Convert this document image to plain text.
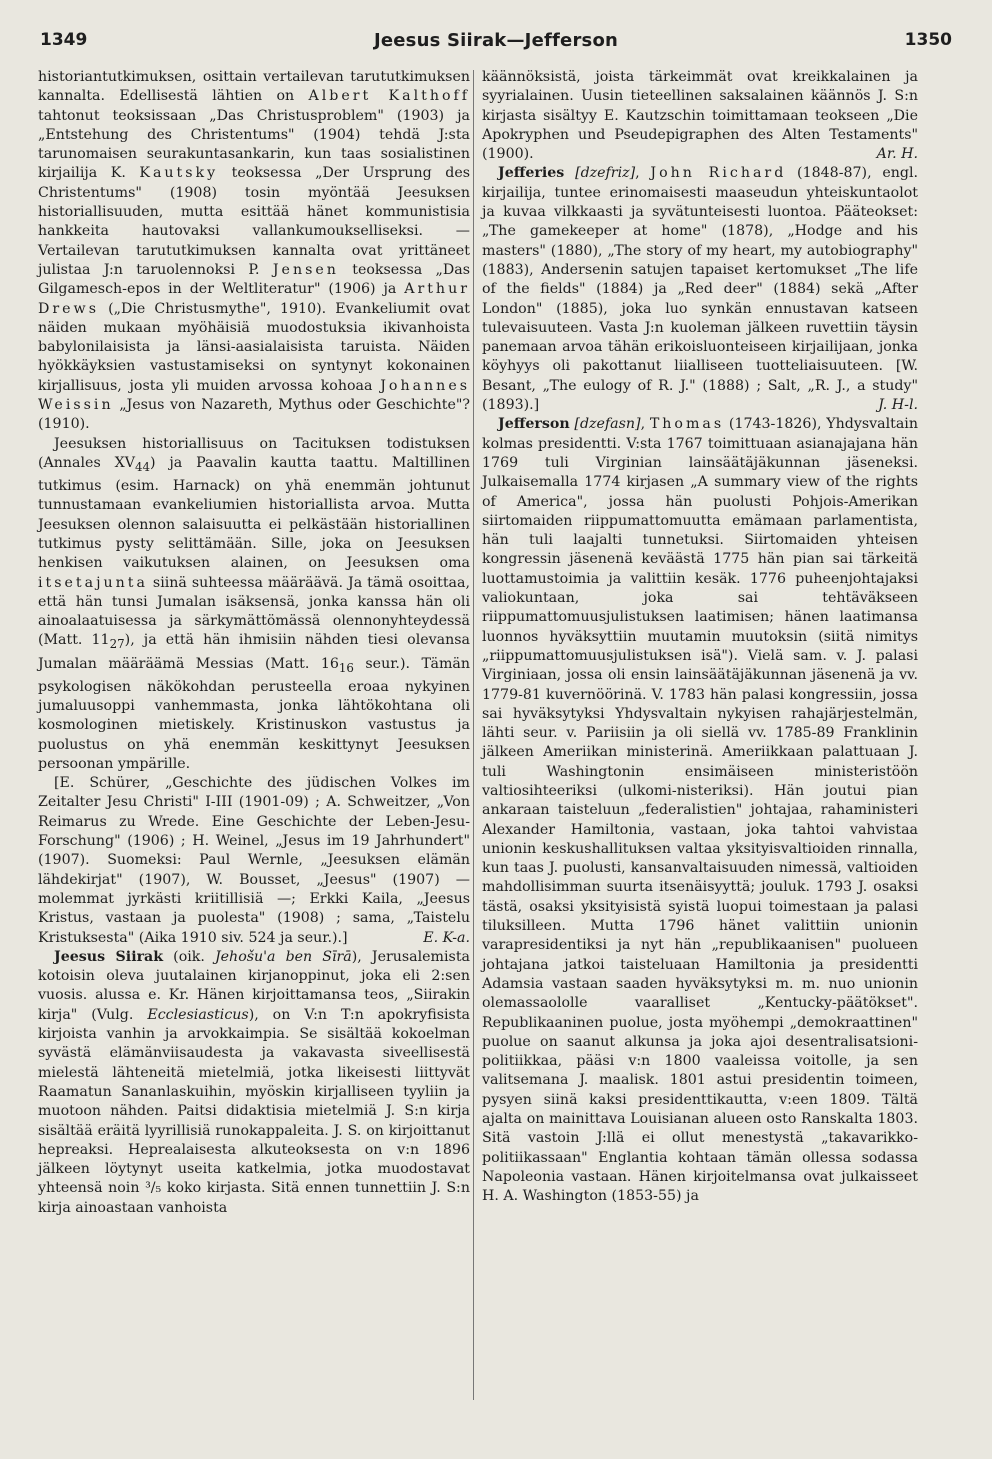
1349	Jeesus Siirak—Jefferson	1350

historiantutkimuksen, osittain vertailevan tarututkimuksen kannalta. Edellisestä lähtien on Albert Kalthoff tahtonut teoksissaan „Das Christusproblem" (1903) ja „Entstehung des Christentums" (1904) tehdä J:sta tarunomaisen seurakuntasankarin, kun taas sosialistinen kirjailija K. Kautsky teoksessa „Der Ursprung des Christentums" (1908) tosin myöntää Jeesuksen historiallisuuden, mutta esittää hänet kommunistisia hankkeita hautovaksi vallankumoukselliseksi. — Vertailevan tarututkimuksen kannalta ovat yrittäneet julistaa J:n taruolennoksi P. Jensen teoksessa „Das Gilgamesch-epos in der Weltliteratur" (1906) ja Arthur Drews („Die Christusmythe", 1910). Evankeliumit ovat näiden mukaan myöhäisiä muodostuksia ikivanhoista babylonilaisista ja länsi-aasialaisista taruista. Näiden hyökkäyksien vastustamiseksi on syntynyt kokonainen kirjallisuus, josta yli muiden arvossa kohoaa Johannes Weissin „Jesus von Nazareth, Mythus oder Geschichte"? (1910).

Jeesuksen historiallisuus on Tacituksen todistuksen (Annales $XV_{44}$) ja Paavalin kautta taattu. Maltillinen tutkimus (esim. Harnack) on yhä enemmän johtunut tunnustamaan evankeliumien historiallista arvoa. Mutta Jeesuksen olennon salaisuutta ei pelkästään historiallinen tutkimus pysty selittämään. Sille, joka on Jeesuksen henkisen vaikutuksen alainen, on Jeesuksen oma itsetajunta siinä suhteessa määräävä. Ja tämä osoittaa, että hän tunsi Jumalan isäksensä, jonka kanssa hän oli ainoalaatuisessa ja särkymättömässä olennonyhteydessä (Matt. $11_{27}$), ja että hän ihmisiin nähden tiesi olevansa Jumalan määräämä Messias (Matt. $16_{16}$ seur.). Tämän psykologisen näkökohdan perusteella eroaa nykyinen jumaluusoppi vanhemmasta, jonka lähtökohtana oli kosmologinen mietiskely. Kristinuskon vastustus ja puolustus on yhä enemmän keskittynyt Jeesuksen persoonan ympärille.

[E. Schürer, „Geschichte des jüdischen Volkes im Zeitalter Jesu Christi" I-III (1901-09) ; A. Schweitzer, „Von Reimarus zu Wrede. Eine Geschichte der Leben-Jesu-Forschung" (1906) ; H. Weinel, „Jesus im 19 Jahrhundert" (1907). Suomeksi: Paul Wernle, „Jeesuksen elämän lähdekirjat" (1907), W. Bousset, „Jeesus" (1907) — molemmat jyrkästi kriitillisiä —; Erkki Kaila, „Jeesus Kristus, vastaan ja puolesta" (1908) ; sama, „Taistelu Kristuksesta" (Aika 1910 siv. 524 ja seur.).]	E. K-a.

Jeesus Siirak (oik. Jehošu'a ben Sīrā), Jerusalemista kotoisin oleva juutalainen kirjanoppinut, joka eli 2:sen vuosis. alussa e. Kr. Hänen kirjoittamansa teos, „Siirakin kirja" (Vulg. Ecclesiasticus), on V:n T:n apokryfisista kirjoista vanhin ja arvokkaimpia. Se sisältää kokoelman syvästä elämänviisaudesta ja vakavasta siveellisestä mielestä lähteneitä mietelmiä, jotka likeisesti liittyvät Raamatun Sananlaskuihin, myöskin kirjalliseen tyyliin ja muotoon nähden. Paitsi didaktisia mietelmiä J. S:n kirja sisältää eräitä lyyrillisiä runokappaleita. J. S. on kirjoittanut hepreaksi. Heprealaisesta alkuteoksesta on v:n 1896 jälkeen löytynyt useita katkelmia, jotka muodostavat yhteensä noin ³/₅ koko kirjasta. Sitä ennen tunnettiin J. S:n kirja ainoastaan vanhoista

käännöksistä, joista tärkeimmät ovat kreikkalainen ja syyrialainen. Uusin tieteellinen saksalainen käännös J. S:n kirjasta sisältyy E. Kautzschin toimittamaan teokseen „Die Apokryphen und Pseudepigraphen des Alten Testaments" (1900).	Ar. H.

Jefferies [dzefriz], John Richard (1848-87), engl. kirjailija, tuntee erinomaisesti maaseudun yhteiskuntaolot ja kuvaa vilkkaasti ja syvätunteisesti luontoa. Pääteokset: „The gamekeeper at home" (1878), „Hodge and his masters" (1880), „The story of my heart, my autobiography" (1883), Andersenin satujen tapaiset kertomukset „The life of the fields" (1884) ja „Red deer" (1884) sekä „After London" (1885), joka luo synkän ennustavan katseen tulevaisuuteen. Vasta J:n kuoleman jälkeen ruvettiin täysin panemaan arvoa tähän erikoisluonteiseen kirjailijaan, jonka köyhyys oli pakottanut liialliseen tuotteliaisuuteen. [W. Besant, „The eulogy of R. J." (1888) ; Salt, „R. J., a study" (1893).]	J. H-l.

Jefferson [dzefasn], Thomas (1743-1826), Yhdysvaltain kolmas presidentti. V:sta 1767 toimittuaan asianajajana hän 1769 tuli Virginian lainsäätäjäkunnan jäseneksi. Julkaisemalla 1774 kirjasen „A summary view of the rights of America", jossa hän puolusti Pohjois-Amerikan siirtomaiden riippumattomuutta emämaan parlamentista, hän tuli laajalti tunnetuksi. Siirtomaiden yhteisen kongressin jäsenenä keväästä 1775 hän pian sai tärkeitä luottamustoimia ja valittiin kesäk. 1776 puheenjohtajaksi valiokuntaan, joka sai tehtäväkseen riippumattomuusjulistuksen laatimisen; hänen laatimansa luonnos hyväksyttiin muutamin muutoksin (siitä nimitys „riippumattomuusjulistuksen isä"). Vielä sam. v. J. palasi Virginiaan, jossa oli ensin lainsäätäjäkunnan jäsenenä ja vv. 1779-81 kuvernöörinä. V. 1783 hän palasi kongressiin, jossa sai hyväksytyksi Yhdysvaltain nykyisen rahajärjestelmän, lähti seur. v. Pariisiin ja oli siellä vv. 1785-89 Franklinin jälkeen Ameriikan ministerinä. Ameriikkaan palattuaan J. tuli Washingtonin ensimäiseen ministeristöön valtiosihteeriksi (ulkomi-nisteriksi). Hän joutui pian ankaraan taisteluun „federalistien" johtajaa, rahaministeri Alexander Hamiltonia, vastaan, joka tahtoi vahvistaa unionin keskushallituksen valtaa yksityisvaltioiden rinnalla, kun taas J. puolusti, kansanvaltaisuuden nimessä, valtioiden mahdollisimman suurta itsenäisyyttä; jouluk. 1793 J. osaksi tästä, osaksi yksityisistä syistä luopui toimestaan ja palasi tiluksilleen. Mutta 1796 hänet valittiin unionin varapresidentiksi ja nyt hän „republikaanisen" puolueen johtajana jatkoi taisteluaan Hamiltonia ja presidentti Adamsia vastaan saaden hyväksytyksi m. m. nuo unionin olemassaololle vaaralliset „Kentucky-päätökset". Republikaaninen puolue, josta myöhempi „demokraattinen" puolue on saanut alkunsa ja joka ajoi desentralisatsioni-politiikkaa, pääsi v:n 1800 vaaleissa voitolle, ja sen valitsemana J. maalisk. 1801 astui presidentin toimeen, pysyen siinä kaksi presidenttikautta, v:een 1809. Tältä ajalta on mainittava Louisianan alueen osto Ranskalta 1803. Sitä vastoin J:llä ei ollut menestystä „takavarikko-politiikassaan" Englantia kohtaan tämän ollessa sodassa Napoleonia vastaan. Hänen kirjoitelmansa ovat julkaisseet H. A. Washington (1853-55) ja
